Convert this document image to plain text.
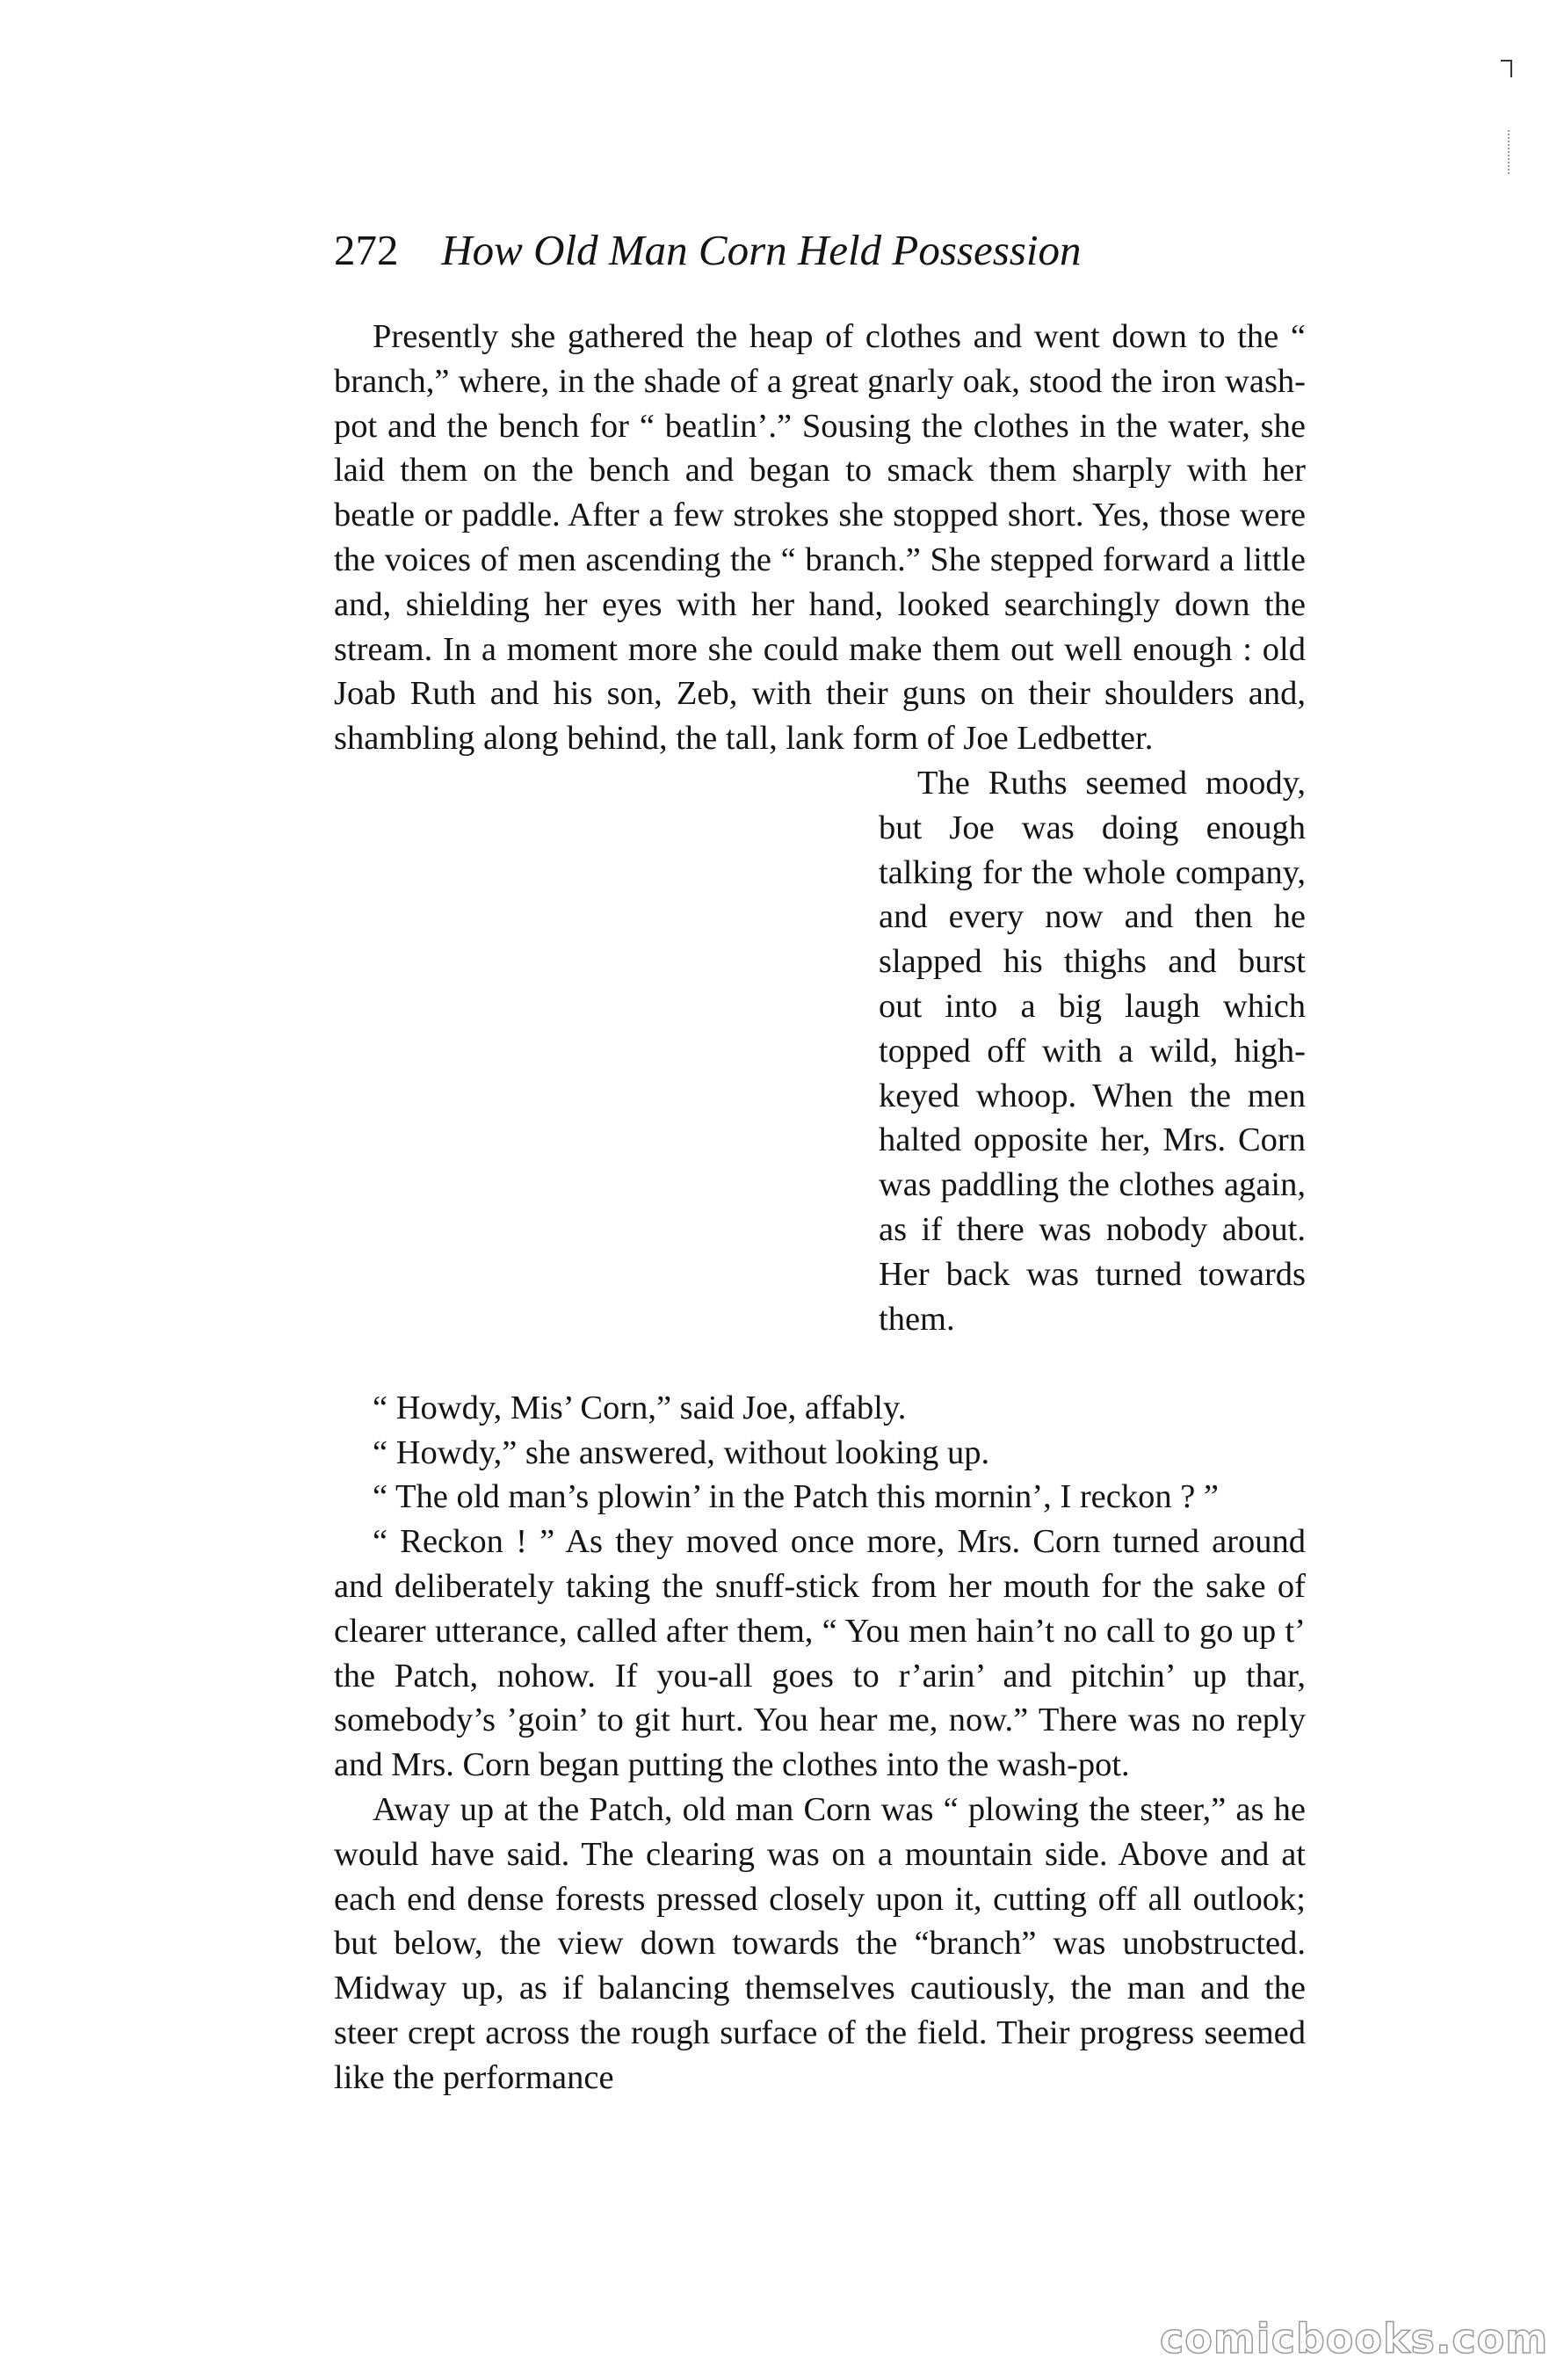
272 How Old Man Corn Held Possession

Presently she gathered the heap of clothes and went down to the “ branch,” where, in the shade of a great gnarly oak, stood the iron wash-pot and the bench for “ beatlin’.” Sousing the clothes in the water, she laid them on the bench and began to smack them sharply with her beatle or paddle. After a few strokes she stopped short. Yes, those were the voices of men ascending the “ branch.” She stepped forward a little and, shielding her eyes with her hand, looked searchingly down the stream. In a moment more she could make them out well enough : old Joab Ruth and his son, Zeb, with their guns on their shoulders and, shambling along behind, the tall, lank form of Joe Ledbetter.

The Ruths seemed moody, but Joe was doing enough talking for the whole company, and every now and then he slapped his thighs and burst out into a big laugh which topped off with a wild, high-keyed whoop. When the men halted opposite her, Mrs. Corn was paddling the clothes again, as if there was nobody about. Her back was turned towards them.

“ Howdy, Mis’ Corn,” said Joe, affably.

“ Howdy,” she answered, without looking up.

“ The old man’s plowin’ in the Patch this mornin’, I reckon ? ”

“ Reckon ! ” As they moved once more, Mrs. Corn turned around and deliberately taking the snuff-stick from her mouth for the sake of clearer utterance, called after them, “ You men hain’t no call to go up t’ the Patch, nohow. If you-all goes to r’arin’ and pitchin’ up thar, somebody’s ’goin’ to git hurt. You hear me, now.” There was no reply and Mrs. Corn began putting the clothes into the wash-pot.

Away up at the Patch, old man Corn was “ plowing the steer,” as he would have said. The clearing was on a mountain side. Above and at each end dense forests pressed closely upon it, cutting off all outlook; but below, the view down towards the “branch” was unobstructed. Midway up, as if balancing themselves cautiously, the man and the steer crept across the rough surface of the field. Their progress seemed like the performance

comicbooks.com
